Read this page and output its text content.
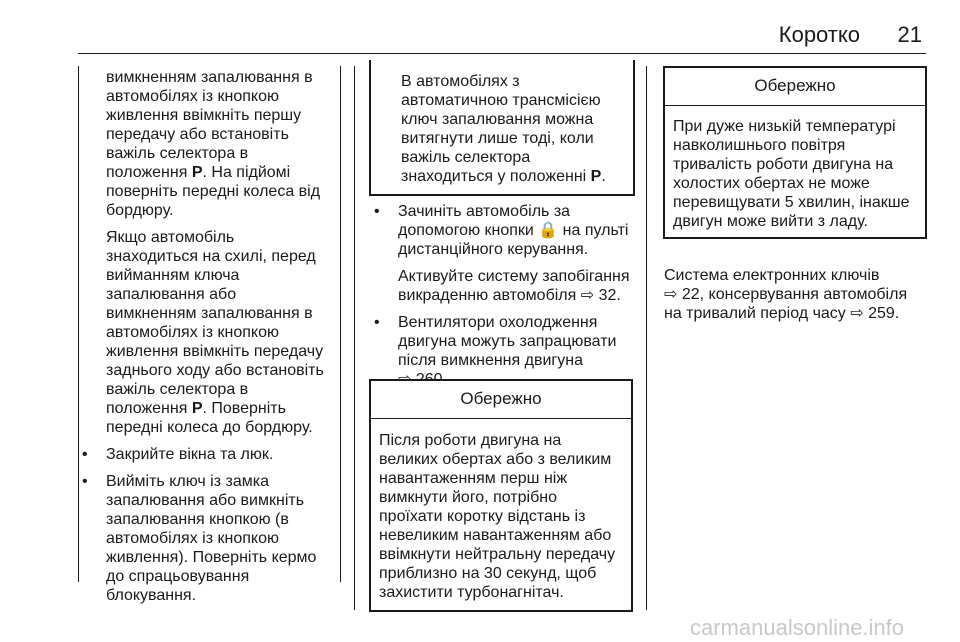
Коротко 21

вимкненням запалювання в

автомобілях із кнопкою

живлення ввімкніть першу

передачу або встановіть

важіль селектора в

положення P. На підйомі

поверніть передні колеса від

бордюру.

Якщо автомобіль

знаходиться на схилі, перед

вийманням ключа

запалювання або

вимкненням запалювання в

автомобілях із кнопкою

живлення ввімкніть передачу

заднього ходу або встановіть

важіль селектора в

положення P. Поверніть

передні колеса до бордюру.

• Закрийте вікна та люк.

• Вийміть ключ із замка

запалювання або вимкніть

запалювання кнопкою (в

автомобілях із кнопкою

живлення). Поверніть кермо

до спрацьовування

блокування.

В автомобілях з

автоматичною трансмісією

ключ запалювання можна

витягнути лише тоді, коли

важіль селектора

знаходиться у положенні P.

• Зачиніть автомобіль за

допомогою кнопки 🔒 на пульті

дистанційного керування.

Активуйте систему запобігання

викраденню автомобіля ⇨ 32.

• Вентилятори охолодження

двигуна можуть запрацювати

після вимкнення двигуна

Обережно

Після роботи двигуна на

великих обертах або з великим

навантаженням перш ніж

вимкнути його, потрібно

проїхати коротку відстань із

невеликим навантаженням або

ввімкнути нейтральну передачу

приблизно на 30 секунд, щоб

захистити турбонагнітач.

Обережно

При дуже низькій температурі

навколишнього повітря

тривалість роботи двигуна на

холостих обертах не може

перевищувати 5 хвилин, інакше

двигун може вийти з ладу.

Система електронних ключів

⇨ 22, консервування автомобіля

на тривалий період часу ⇨ 259.

carmanualsonline.info
